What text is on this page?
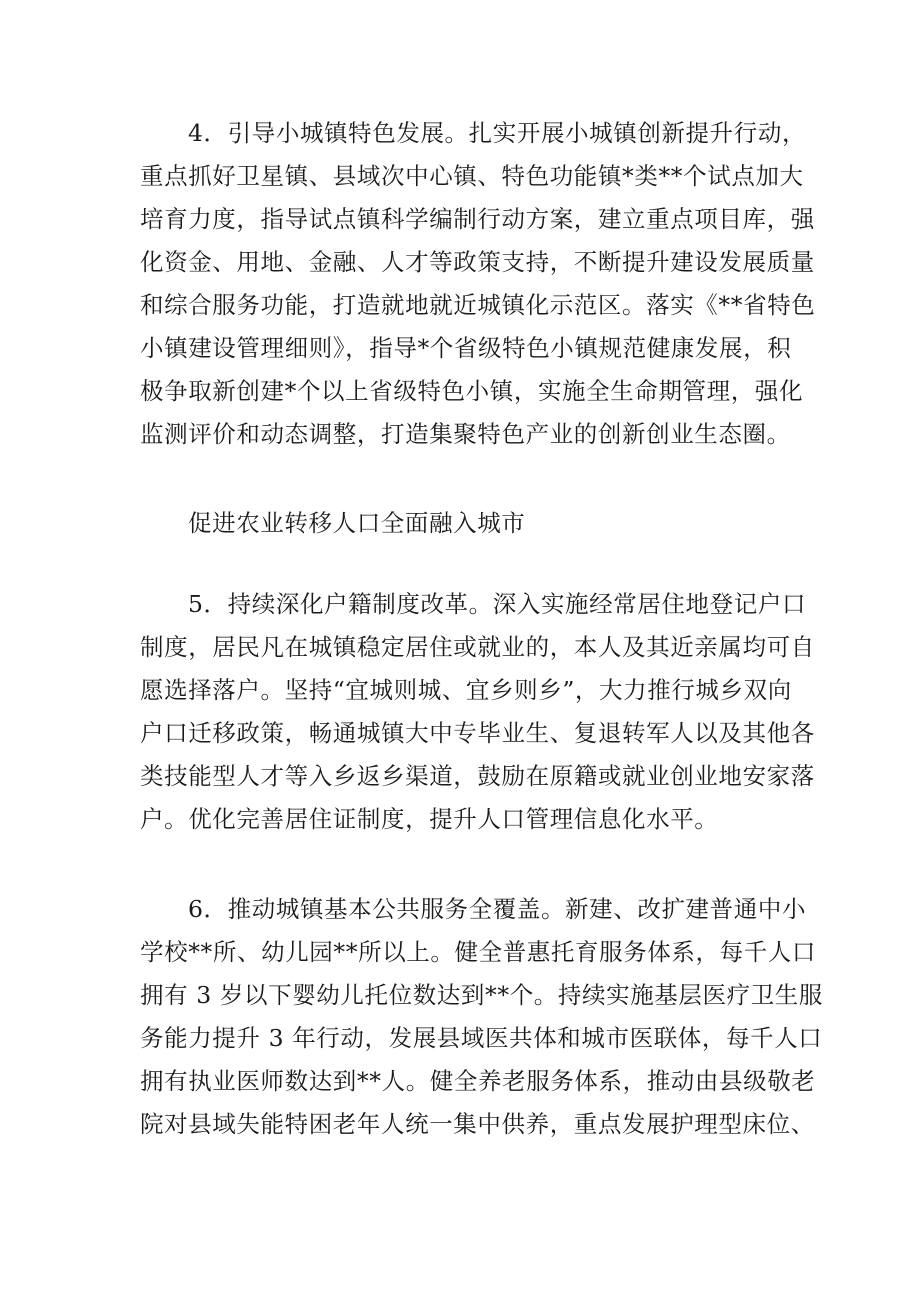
4．引导小城镇特色发展。扎实开展小城镇创新提升行动，
重点抓好卫星镇、县域次中心镇、特色功能镇*类**个试点加大
培育力度，指导试点镇科学编制行动方案，建立重点项目库，强
化资金、用地、金融、人才等政策支持，不断提升建设发展质量
和综合服务功能，打造就地就近城镇化示范区。落实《**省特色
小镇建设管理细则》，指导*个省级特色小镇规范健康发展，积
极争取新创建*个以上省级特色小镇，实施全生命期管理，强化
监测评价和动态调整，打造集聚特色产业的创新创业生态圈。
促进农业转移人口全面融入城市
5．持续深化户籍制度改革。深入实施经常居住地登记户口
制度，居民凡在城镇稳定居住或就业的，本人及其近亲属均可自
愿选择落户。坚持“宜城则城、宜乡则乡”，大力推行城乡双向
户口迁移政策，畅通城镇大中专毕业生、复退转军人以及其他各
类技能型人才等入乡返乡渠道，鼓励在原籍或就业创业地安家落
户。优化完善居住证制度，提升人口管理信息化水平。
6．推动城镇基本公共服务全覆盖。新建、改扩建普通中小
学校**所、幼儿园**所以上。健全普惠托育服务体系，每千人口
拥有 3 岁以下婴幼儿托位数达到**个。持续实施基层医疗卫生服
务能力提升 3 年行动，发展县域医共体和城市医联体，每千人口
拥有执业医师数达到**人。健全养老服务体系，推动由县级敬老
院对县域失能特困老年人统一集中供养，重点发展护理型床位、
